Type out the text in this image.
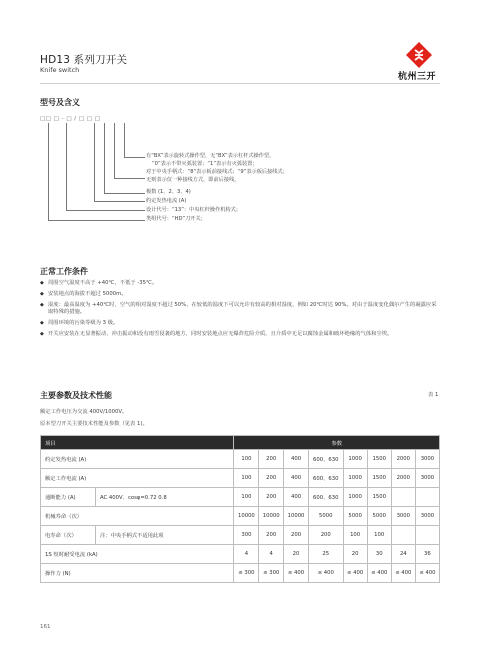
HD13 系列刀开关
Knife switch
杭州三开
型号及含义
□□ □ - □ / □ □ □
有“BX”表示旋转式操作型，无“BX”表示杠杆式操作型。
“0”表示不带灭弧装置；“1”表示有灭弧装置；
对于中央手柄式：“8”表示板前接线式；“9”表示板后接线式；
无则表示仅一种接线方式，即前后接线。
极数 (1、2、3、4)
约定发热电流 (A)
设计代号：“13”：中央杠杆操作机构式；
类组代号：“HD”刀开关；
正常工作条件
◆ 周围空气温度不高于 +40℃，不低于 -35℃。
◆ 安装地点的海拔不超过 5000m。
◆ 湿度：最高温度为 +40℃时，空气的相对湿度不超过 50%，在较低的温度下可以允许有较高的相对湿度，例如 20℃时达 90%。对由于温度变化偶尔产生的凝露应采取特殊的措施。
◆ 周围环境的污染等级为 3 级。
◆ 开关应安装在无显著振动、冲击振动和没有雨雪侵袭的地方，同时安装地点应无爆炸危险介质，且介质中无足以腐蚀金属和破坏绝缘的气体和尘埃。
主要参数及技术性能
额定工作电压为交流 400V/1000V。
原本型刀开关主要技术性能及参数（见表 1)。
表 1
项目		参数							
约定发热电流 (A)		100	200	400	600、630	1000	1500	2000	3000
额定工作电流 (A)		100	200	400	600、630	1000	1500	2000	3000
通断能力 (A)	AC 400V、cosφ=0.72 0.8	100	200	400	600、630	1000	1500		
机械寿命（次）		10000	10000	10000	5000	5000	5000	3000	3000
电寿命（次）	注：中央手柄式不适用此项	300	200	200	200	100	100		
1S 短时耐受电流 (kA)		4	4	20	25	20	30	24	36
操作力 (N)		≤ 300	≤ 300	≤ 400	≤ 400	≤ 400	≤ 400	≤ 400	≤ 400
161
